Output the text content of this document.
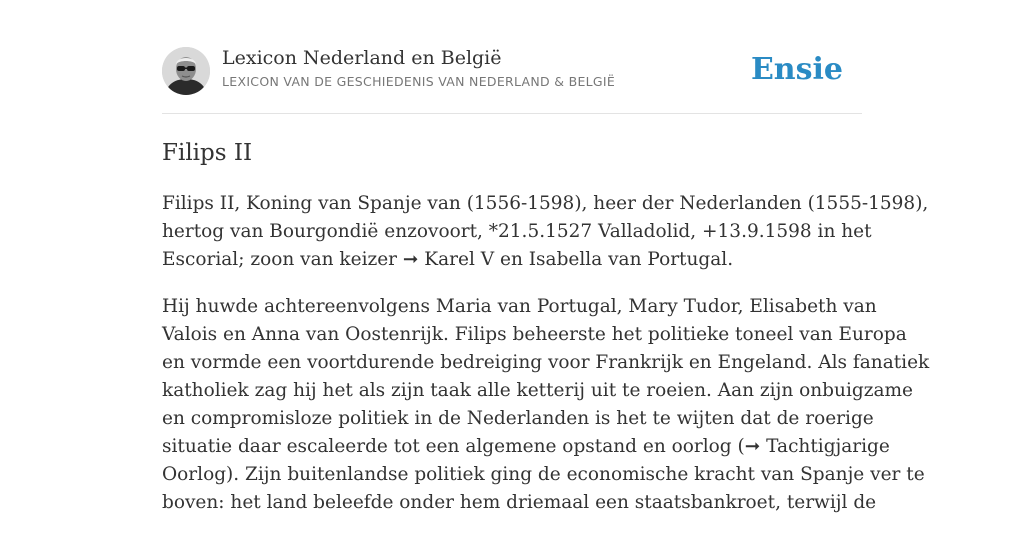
Lexicon Nederland en België
LEXICON VAN DE GESCHIEDENIS VAN NEDERLAND & BELGIË	Ensie
Filips II

Filips II, Koning van Spanje van (1556-1598), heer der Nederlanden (1555-1598),
hertog van Bourgondië enzovoort, *21.5.1527 Valladolid, +13.9.1598 in het
Escorial; zoon van keizer ➞ Karel V en Isabella van Portugal.

Hij huwde achtereenvolgens Maria van Portugal, Mary Tudor, Elisabeth van
Valois en Anna van Oostenrijk. Filips beheerste het politieke toneel van Europa
en vormde een voortdurende bedreiging voor Frankrijk en Engeland. Als fanatiek
katholiek zag hij het als zijn taak alle ketterij uit te roeien. Aan zijn onbuigzame
en compromisloze politiek in de Nederlanden is het te wijten dat de roerige
situatie daar escaleerde tot een algemene opstand en oorlog (➞ Tachtigjarige
Oorlog). Zijn buitenlandse politiek ging de economische kracht van Spanje ver te
boven: het land beleefde onder hem driemaal een staatsbankroet, terwijl de
